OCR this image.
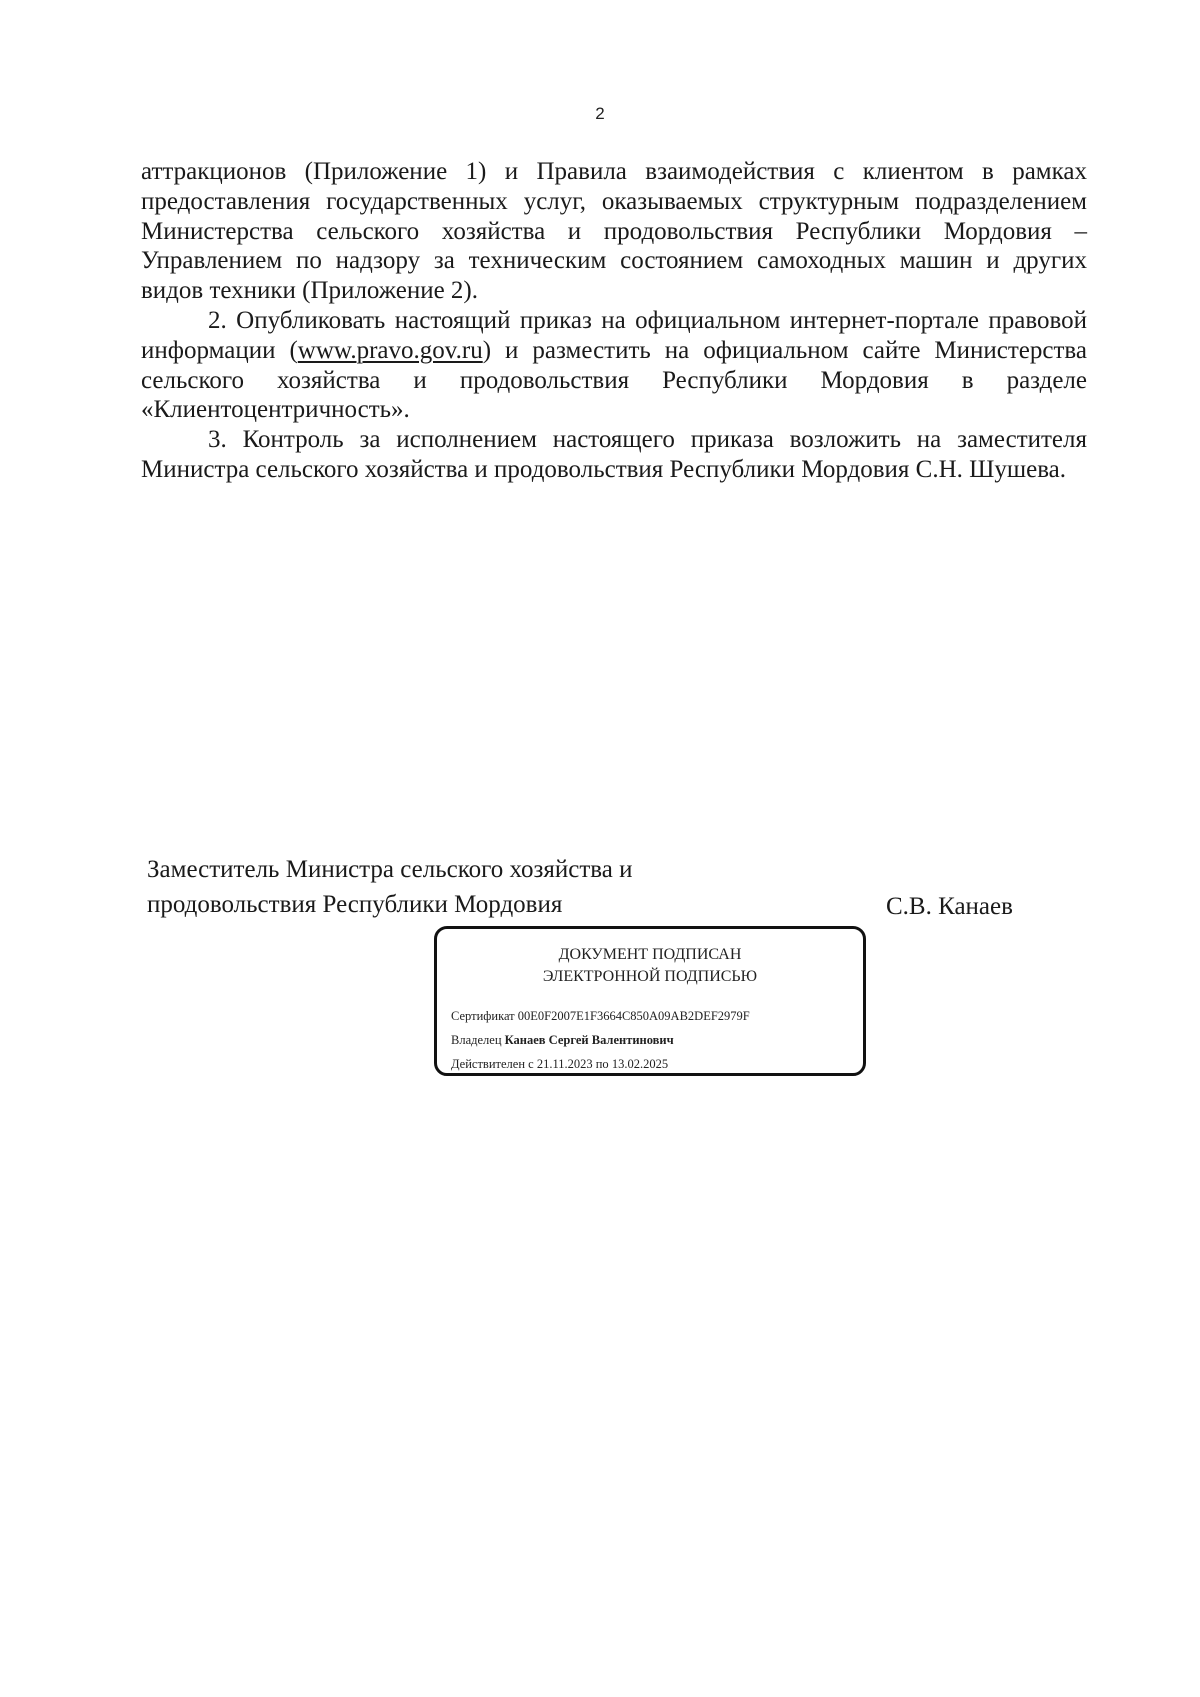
2

аттракционов (Приложение 1) и Правила взаимодействия с клиентом в рамках предоставления государственных услуг, оказываемых структурным подразделением Министерства сельского хозяйства и продовольствия Республики Мордовия – Управлением по надзору за техническим состоянием самоходных машин и других видов техники (Приложение 2).

2. Опубликовать настоящий приказ на официальном интернет-портале правовой информации (www.pravo.gov.ru) и разместить на официальном сайте Министерства сельского хозяйства и продовольствия Республики Мордовия в разделе «Клиентоцентричность».

3. Контроль за исполнением настоящего приказа возложить на заместителя Министра сельского хозяйства и продовольствия Республики Мордовия С.Н. Шушева.

Заместитель Министра сельского хозяйства и
продовольствия Республики Мордовия	С.В. Канаев
ДОКУМЕНТ ПОДПИСАН
ЭЛЕКТРОННОЙ ПОДПИСЬЮ
Сертификат 00E0F2007E1F3664C850A09AB2DEF2979F
Владелец Канаев Сергей Валентинович
Действителен с 21.11.2023 по 13.02.2025
